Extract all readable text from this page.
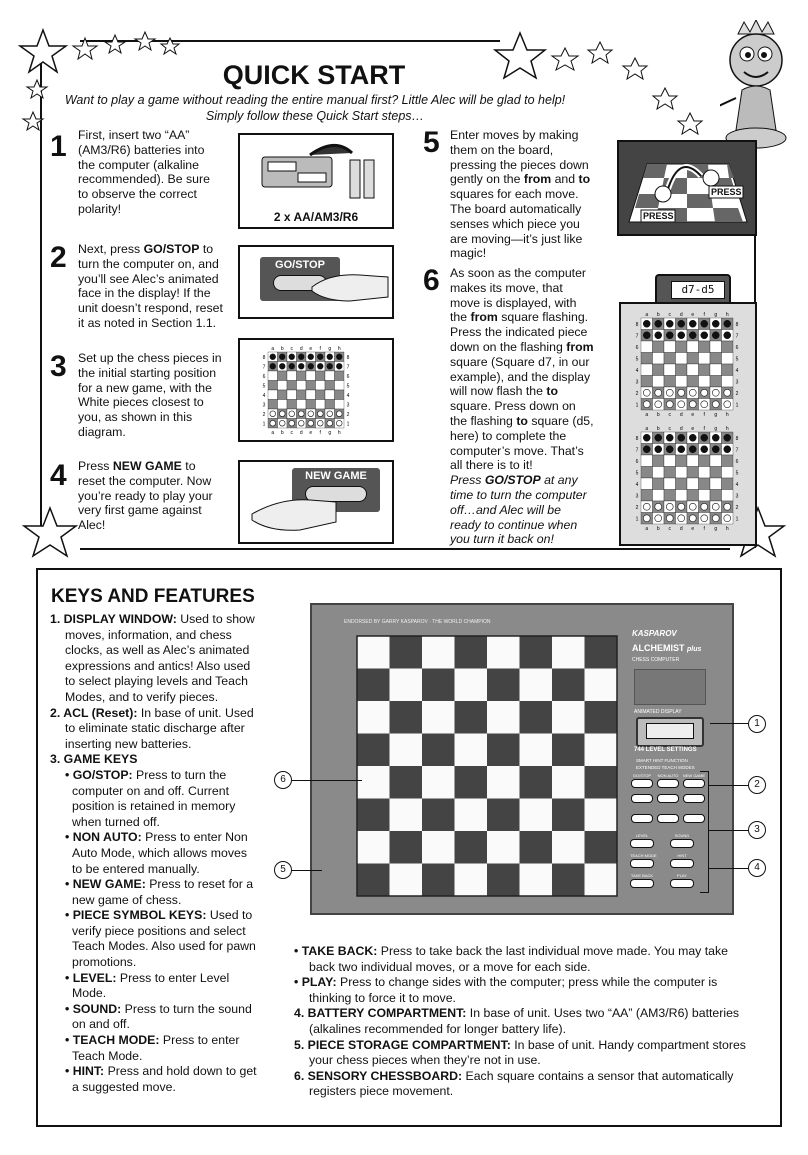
QUICK START
Want to play a game without reading the entire manual first? Little Alec will be glad to help!
Simply follow these Quick Start steps…
1 First, insert two “AA”
(AM3/R6) batteries into
the computer (alkaline
recommended). Be sure
to observe the correct
polarity!
2 Next, press GO/STOP to
turn the computer on, and
you’ll see Alec’s animated
face in the display! If the
unit doesn’t respond, reset
it as noted in Section 1.1.
3 Set up the chess pieces in
the initial starting position
for a new game, with the
White pieces closest to
you, as shown in this
diagram.
4 Press NEW GAME to
reset the computer. Now
you’re ready to play your
very first game against
Alec!
2 x AA/AM3/R6
GO/STOP
a
a
b
b
c
c
d
d
e
e
f
f
g
g
h
h
8	8
7	7
6	6
5	5
4	4
3	3
2	2
1	1
NEW GAME
5 Enter moves by making
them on the board,
pressing the pieces down
gently on the from and to
squares for each move.
The board automatically
senses which piece you
are moving—it’s just like
magic!
6 As soon as the computer
makes its move, that
move is displayed, with
the from square flashing.
Press the indicated piece
down on the flashing from
square (Square d7, in our
example), and the display
will now flash the to
square. Press down on
the flashing to square (d5,
here) to complete the
computer’s move. That’s
all there is to it!
Press GO/STOP at any
time to turn the computer
off…and Alec will be
ready to continue when
you turn it back on!
PRESS
PRESS
d7-d5
a
a
b
b
c
c
d
d
e
e
f
f
g
g
h
h
8	8
7	7
6	6
5	5
4	4
3	3
2	2
1	1
a
a
b
b
c
c
d
d
e
e
f
f
g
g
h
h
8	8
7	7
6	6
5	5
4	4
3	3
2	2
1	1
KEYS AND FEATURES
1. DISPLAY WINDOW: Used to show
moves, information, and chess
clocks, as well as Alec’s animated
expressions and antics! Also used
to select playing levels and Teach
Modes, and to verify pieces.
2. ACL (Reset): In base of unit. Used
to eliminate static discharge after
inserting new batteries.
3. GAME KEYS
• GO/STOP: Press to turn the
computer on and off. Current
position is retained in memory
when turned off.
• NON AUTO: Press to enter Non
Auto Mode, which allows moves
to be entered manually.
• NEW GAME: Press to reset for a
new game of chess.
• PIECE SYMBOL KEYS: Used to
verify piece positions and select
Teach Modes. Also used for pawn
promotions.
• LEVEL: Press to enter Level
Mode.
• SOUND: Press to turn the sound
on and off.
• TEACH MODE: Press to enter
Teach Mode.
• HINT: Press and hold down to get
a suggested move.
• TAKE BACK: Press to take back the last individual move made. You may take
back two individual moves, or a move for each side.
• PLAY: Press to change sides with the computer; press while the computer is
thinking to force it to move.
4. BATTERY COMPARTMENT: In base of unit. Uses two “AA” (AM3/R6) batteries
(alkalines recommended for longer battery life).
5. PIECE STORAGE COMPARTMENT: In base of unit. Handy compartment stores
your chess pieces when they’re not in use.
6. SENSORY CHESSBOARD: Each square contains a sensor that automatically
registers piece movement.
ENDORSED BY GARRY KASPAROV · THE WORLD CHAMPION
KASPAROV
ALCHEMIST plus
CHESS COMPUTER
ANIMATED DISPLAY
744 LEVEL SETTINGS
SMART HINT FUNCTION
EXTENDED TEACH MODES
GO/STOP	NON AUTO	NEW GAME
LEVEL	SOUND
TEACH MODE	HINT
TAKE BACK	PLAY
1
2
3
4
5
6
